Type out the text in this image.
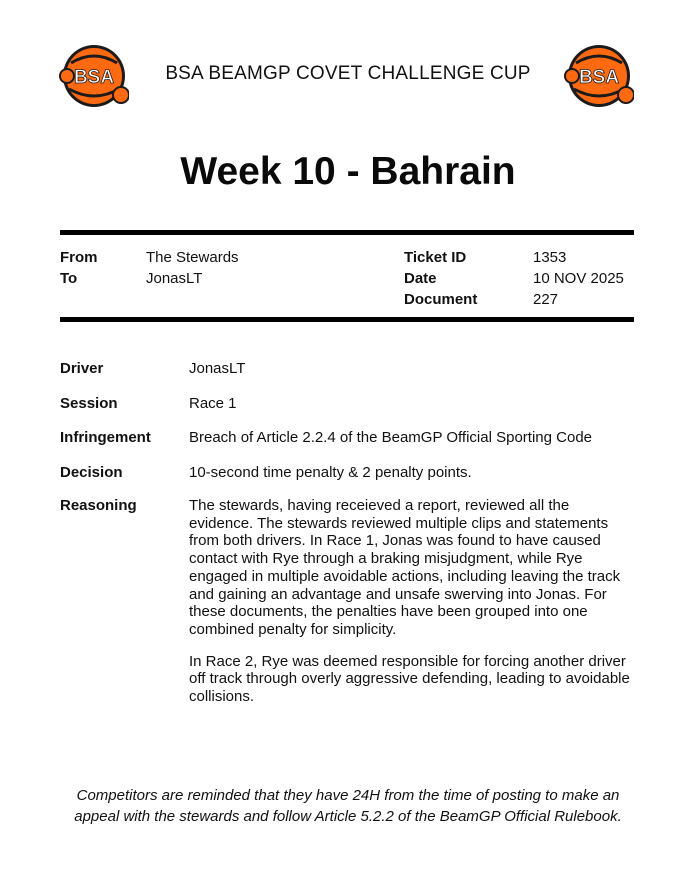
BSA	BSA BEAMGP COVET CHALLENGE CUP	BSA
Week 10 - Bahrain
From	The Stewards
To	JonasLT
Ticket ID	1353
Date	10 NOV 2025
Document	227
Driver	JonasLT
Session	Race 1
Infringement	Breach of Article 2.2.4 of the BeamGP Official Sporting Code
Decision	10-second time penalty & 2 penalty points.
Reasoning	The stewards, having receieved a report, reviewed all the evidence. The stewards reviewed multiple clips and statements from both drivers. In Race 1, Jonas was found to have caused contact with Rye through a braking misjudgment, while Rye engaged in multiple avoidable actions, including leaving the track and gaining an advantage and unsafe swerving into Jonas. For these documents, the penalties have been grouped into one combined penalty for simplicity.

In Race 2, Rye was deemed responsible for forcing another driver off track through overly aggressive defending, leading to avoidable collisions.

Competitors are reminded that they have 24H from the time of posting to make an appeal with the stewards and follow Article 5.2.2 of the BeamGP Official Rulebook.
